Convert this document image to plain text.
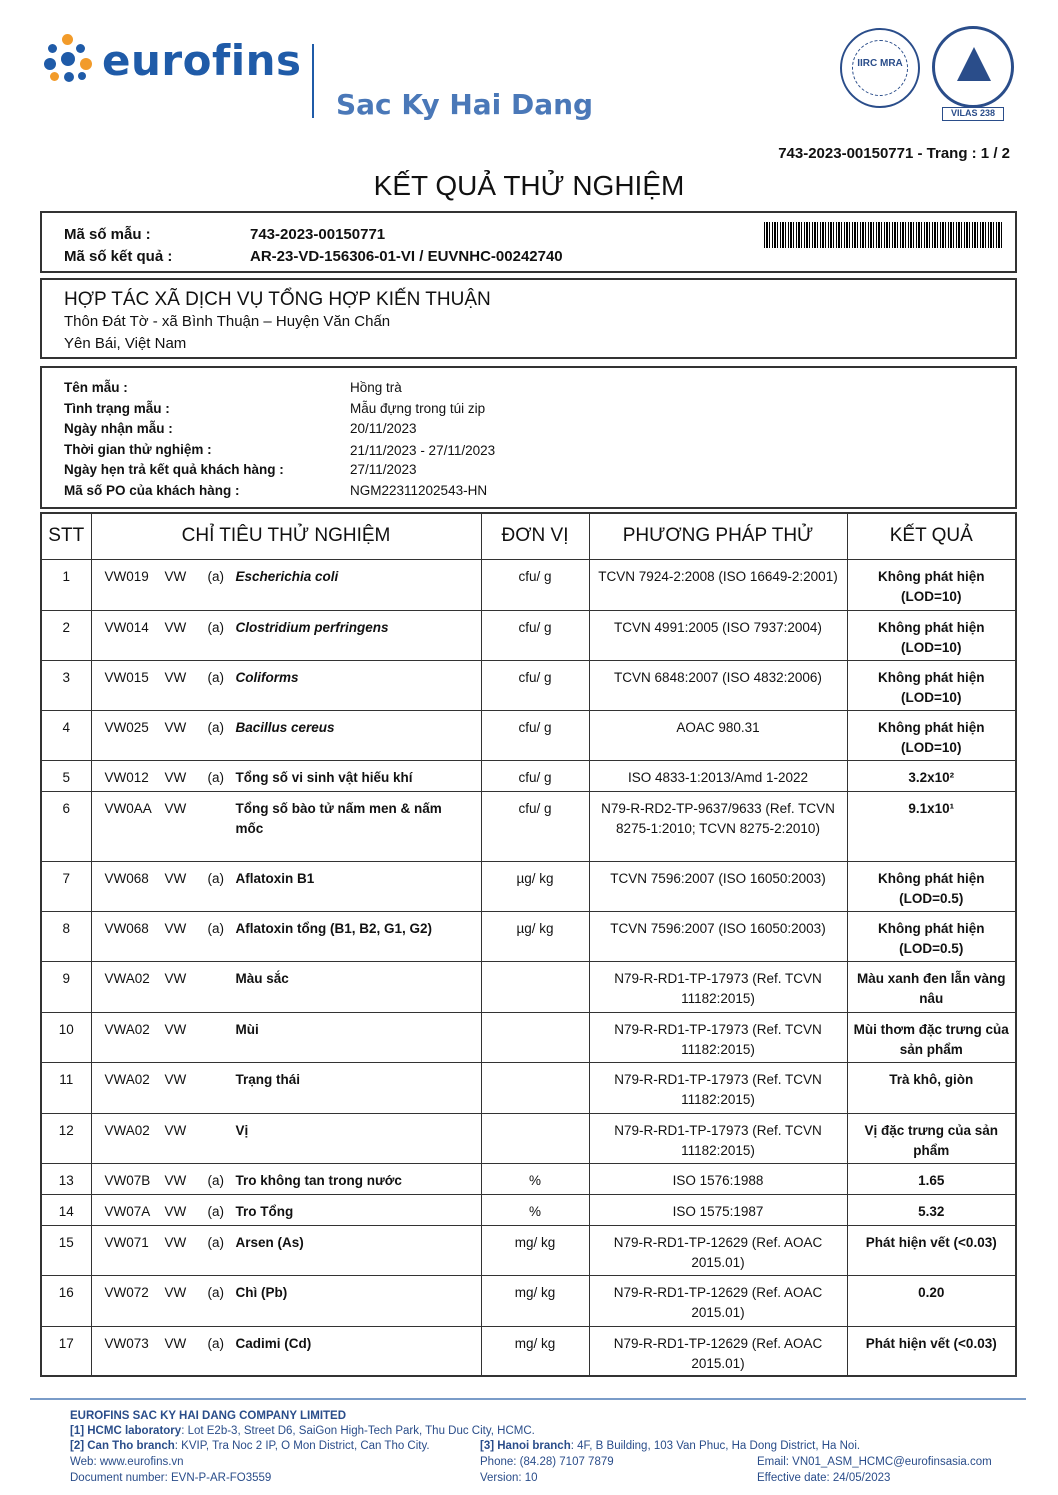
eurofins
Sac Ky Hai Dang
IIRC MRA
VILAS 238
743-2023-00150771 - Trang : 1 / 2
KẾT QUẢ THỬ NGHIỆM
Mã số mẫu :	743-2023-00150771
Mã số kết quả :	AR-23-VD-156306-01-VI / EUVNHC-00242740
HỢP TÁC XÃ DỊCH VỤ TỔNG HỢP KIẾN THUẬN
Thôn Đát Tờ - xã Bình Thuận – Huyện Văn Chấn
Yên Bái, Việt Nam
Tên mẫu :	Hồng trà
Tình trạng mẫu :	Mẫu đựng trong túi zip
Ngày nhận mẫu :	20/11/2023
Thời gian thử nghiệm :	21/11/2023 - 27/11/2023
Ngày hẹn trả kết quả khách hàng :	27/11/2023
Mã số PO của khách hàng :	NGM22311202543-HN
STT	CHỈ TIÊU THỬ NGHIỆM	ĐƠN VỊ	PHƯƠNG PHÁP THỬ	KẾT QUẢ
1	VW019 VW (a) Escherichia coli	cfu/ g	TCVN 7924-2:2008 (ISO 16649-2:2001)	Không phát hiện (LOD=10)
2	VW014 VW (a) Clostridium perfringens	cfu/ g	TCVN 4991:2005 (ISO 7937:2004)	Không phát hiện (LOD=10)
3	VW015 VW (a) Coliforms	cfu/ g	TCVN 6848:2007 (ISO 4832:2006)	Không phát hiện (LOD=10)
4	VW025 VW (a) Bacillus cereus	cfu/ g	AOAC 980.31	Không phát hiện (LOD=10)
5	VW012 VW (a) Tổng số vi sinh vật hiếu khí	cfu/ g	ISO 4833-1:2013/Amd 1-2022	3.2x10²
6	VW0AA VW Tổng số bào tử nấm men & nấm mốc	cfu/ g	N79-R-RD2-TP-9637/9633 (Ref. TCVN 8275-1:2010; TCVN 8275-2:2010)	9.1x10¹
7	VW068 VW (a) Aflatoxin B1	µg/ kg	TCVN 7596:2007 (ISO 16050:2003)	Không phát hiện (LOD=0.5)
8	VW068 VW (a) Aflatoxin tổng (B1, B2, G1, G2)	µg/ kg	TCVN 7596:2007 (ISO 16050:2003)	Không phát hiện (LOD=0.5)
9	VWA02 VW Màu sắc		N79-R-RD1-TP-17973 (Ref. TCVN 11182:2015)	Màu xanh đen lẫn vàng nâu
10	VWA02 VW Mùi		N79-R-RD1-TP-17973 (Ref. TCVN 11182:2015)	Mùi thơm đặc trưng của sản phẩm
11	VWA02 VW Trạng thái		N79-R-RD1-TP-17973 (Ref. TCVN 11182:2015)	Trà khô, giòn
12	VWA02 VW Vị		N79-R-RD1-TP-17973 (Ref. TCVN 11182:2015)	Vị đặc trưng của sản phẩm
13	VW07B VW (a) Tro không tan trong nước	%	ISO 1576:1988	1.65
14	VW07A VW (a) Tro Tổng	%	ISO 1575:1987	5.32
15	VW071 VW (a) Arsen (As)	mg/ kg	N79-R-RD1-TP-12629 (Ref. AOAC 2015.01)	Phát hiện vết (<0.03)
16	VW072 VW (a) Chì (Pb)	mg/ kg	N79-R-RD1-TP-12629 (Ref. AOAC 2015.01)	0.20
17	VW073 VW (a) Cadimi (Cd)	mg/ kg	N79-R-RD1-TP-12629 (Ref. AOAC 2015.01)	Phát hiện vết (<0.03)
EUROFINS SAC KY HAI DANG COMPANY LIMITED
[1] HCMC laboratory: Lot E2b-3, Street D6, SaiGon High-Tech Park, Thu Duc City, HCMC.
[2] Can Tho branch: KVIP, Tra Noc 2 IP, O Mon District, Can Tho City.	[3] Hanoi branch: 4F, B Building, 103 Van Phuc, Ha Dong District, Ha Noi.
Web: www.eurofins.vn	Phone: (84.28) 7107 7879	Email: VN01_ASM_HCMC@eurofinsasia.com
Document number: EVN-P-AR-FO3559	Version: 10	Effective date: 24/05/2023
